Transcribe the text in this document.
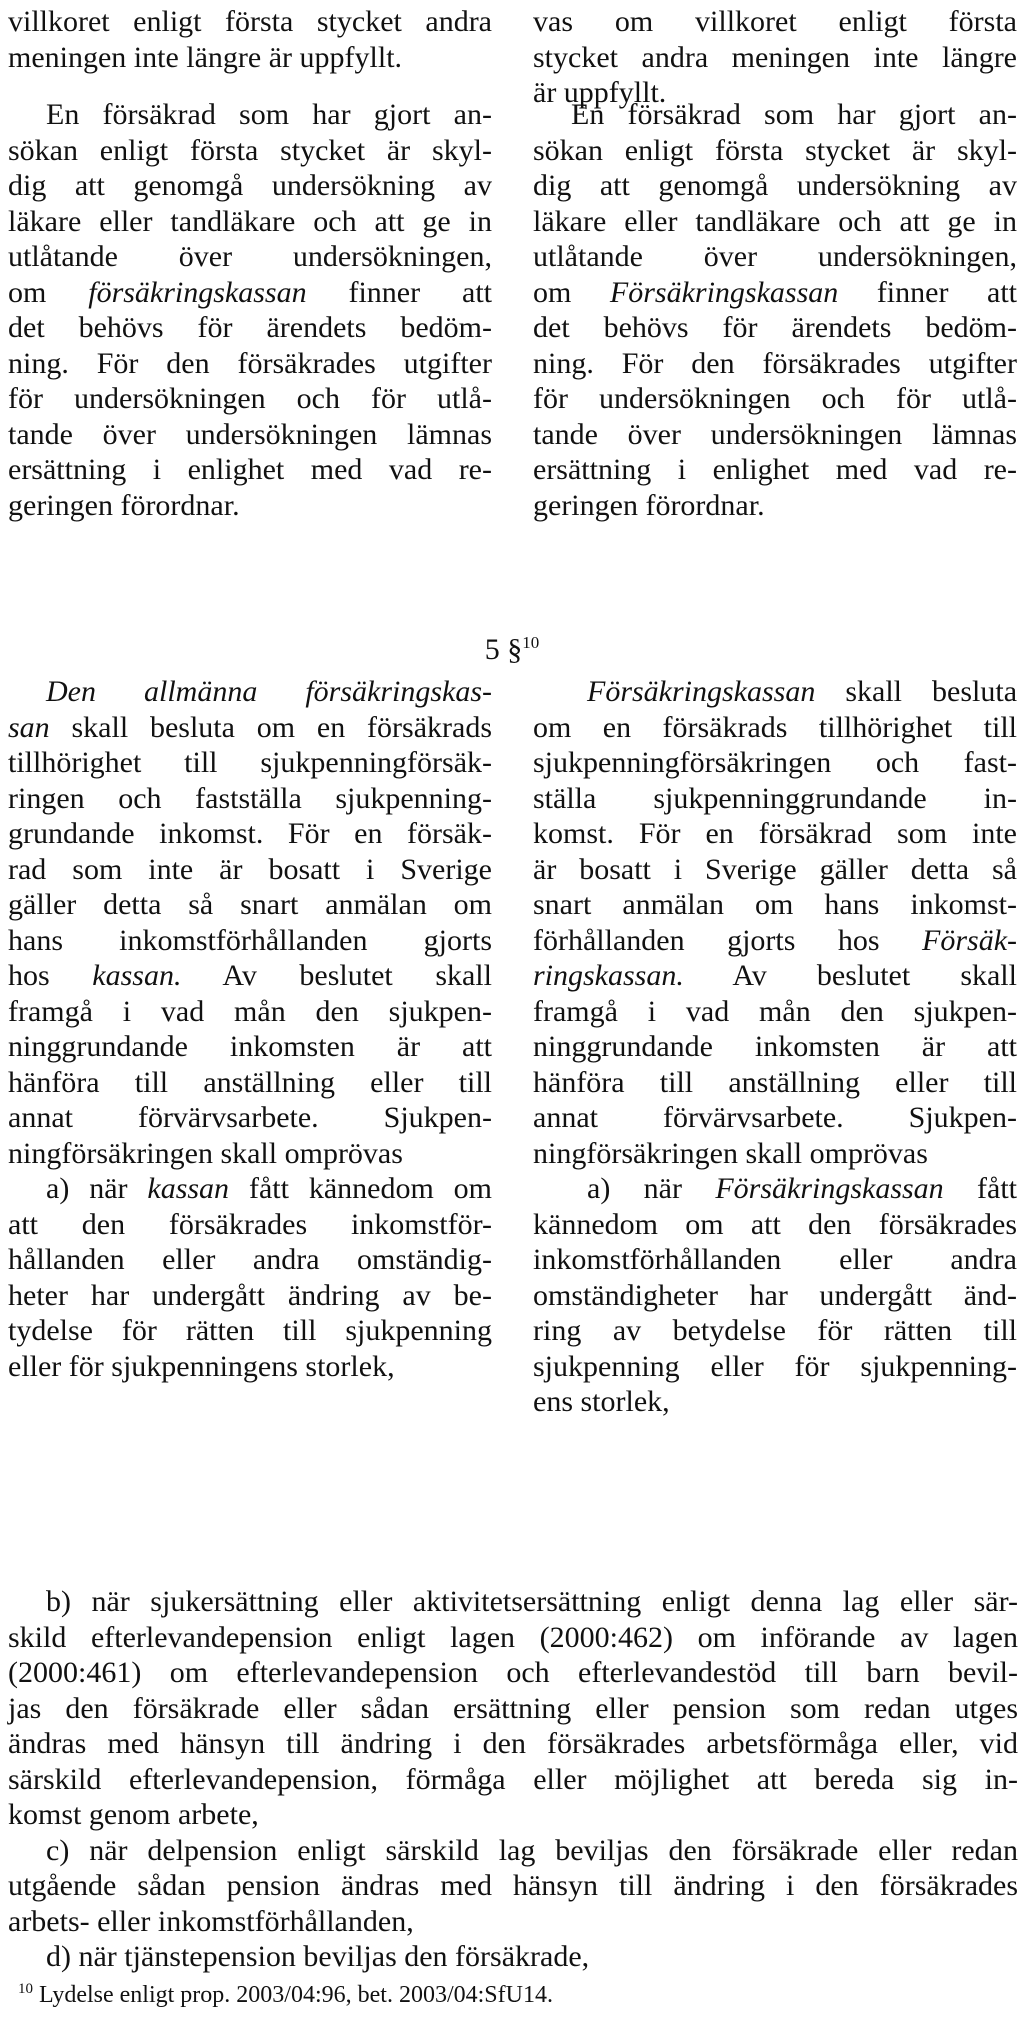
villkoret enligt första stycket andra
meningen inte längre är uppfyllt.
vas om villkoret enligt första
stycket andra meningen inte längre
är uppfyllt.
En försäkrad som har gjort an-
sökan enligt första stycket är skyl-
dig att genomgå undersökning av
läkare eller tandläkare och att ge in
utlåtande över undersökningen,
om försäkringskassan finner att
det behövs för ärendets bedöm-
ning. För den försäkrades utgifter
för undersökningen och för utlå-
tande över undersökningen lämnas
ersättning i enlighet med vad re-
geringen förordnar.
En försäkrad som har gjort an-
sökan enligt första stycket är skyl-
dig att genomgå undersökning av
läkare eller tandläkare och att ge in
utlåtande över undersökningen,
om Försäkringskassan finner att
det behövs för ärendets bedöm-
ning. För den försäkrades utgifter
för undersökningen och för utlå-
tande över undersökningen lämnas
ersättning i enlighet med vad re-
geringen förordnar.
5 §$^{10}$
Den allmänna försäkringskas-
san skall besluta om en försäkrads
tillhörighet till sjukpenningförsäk-
ringen och fastställa sjukpenning-
grundande inkomst. För en försäk-
rad som inte är bosatt i Sverige
gäller detta så snart anmälan om
hans inkomstförhållanden gjorts
hos kassan. Av beslutet skall
framgå i vad mån den sjukpen-
ninggrundande inkomsten är att
hänföra till anställning eller till
annat förvärvsarbete. Sjukpen-
ningförsäkringen skall omprövas
a) när kassan fått kännedom om
att den försäkrades inkomstför-
hållanden eller andra omständig-
heter har undergått ändring av be-
tydelse för rätten till sjukpenning
eller för sjukpenningens storlek,
Försäkringskassan skall besluta
om en försäkrads tillhörighet till
sjukpenningförsäkringen och fast-
ställa sjukpenninggrundande in-
komst. För en försäkrad som inte
är bosatt i Sverige gäller detta så
snart anmälan om hans inkomst-
förhållanden gjorts hos Försäk-
ringskassan. Av beslutet skall
framgå i vad mån den sjukpen-
ninggrundande inkomsten är att
hänföra till anställning eller till
annat förvärvsarbete. Sjukpen-
ningförsäkringen skall omprövas
a) när Försäkringskassan fått
kännedom om att den försäkrades
inkomstförhållanden eller andra
omständigheter har undergått änd-
ring av betydelse för rätten till
sjukpenning eller för sjukpenning-
ens storlek,
b) när sjukersättning eller aktivitetsersättning enligt denna lag eller sär-
skild efterlevandepension enligt lagen (2000:462) om införande av lagen
(2000:461) om efterlevandepension och efterlevandestöd till barn bevil-
jas den försäkrade eller sådan ersättning eller pension som redan utges
ändras med hänsyn till ändring i den försäkrades arbetsförmåga eller, vid
särskild efterlevandepension, förmåga eller möjlighet att bereda sig in-
komst genom arbete,
c) när delpension enligt särskild lag beviljas den försäkrade eller redan
utgående sådan pension ändras med hänsyn till ändring i den försäkrades
arbets- eller inkomstförhållanden,
d) när tjänstepension beviljas den försäkrade,
$^{10}$ Lydelse enligt prop. 2003/04:96, bet. 2003/04:SfU14.
